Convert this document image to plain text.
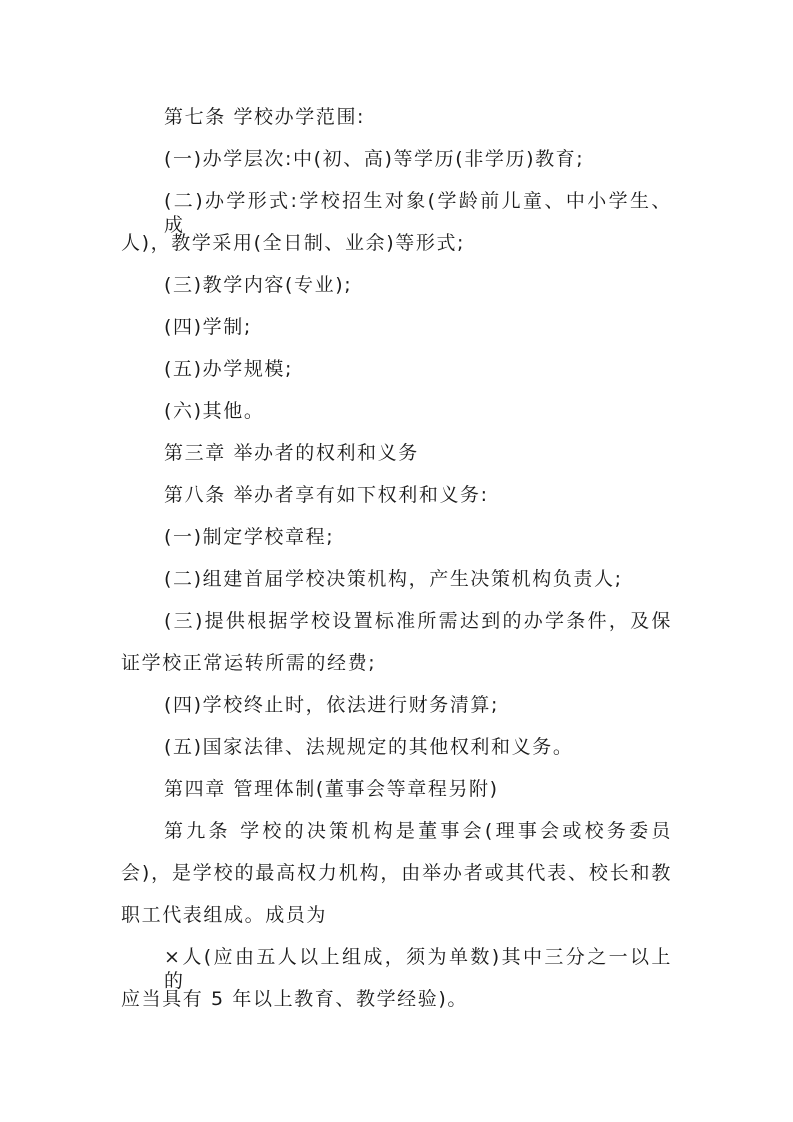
第七条 学校办学范围:
(一)办学层次:中(初、高)等学历(非学历)教育;
(二)办学形式:学校招生对象(学龄前儿童、中小学生、成
人)，教学采用(全日制、业余)等形式;
(三)教学内容(专业);
(四)学制;
(五)办学规模;
(六)其他。
第三章 举办者的权利和义务
第八条 举办者享有如下权利和义务:
(一)制定学校章程;
(二)组建首届学校决策机构，产生决策机构负责人;
(三)提供根据学校设置标准所需达到的办学条件，及保
证学校正常运转所需的经费;
(四)学校终止时，依法进行财务清算;
(五)国家法律、法规规定的其他权利和义务。
第四章 管理体制(董事会等章程另附)
第九条 学校的决策机构是董事会(理事会或校务委员
会)，是学校的最高权力机构，由举办者或其代表、校长和教
职工代表组成。成员为
×人(应由五人以上组成，须为单数)其中三分之一以上的
应当具有 5 年以上教育、教学经验)。
